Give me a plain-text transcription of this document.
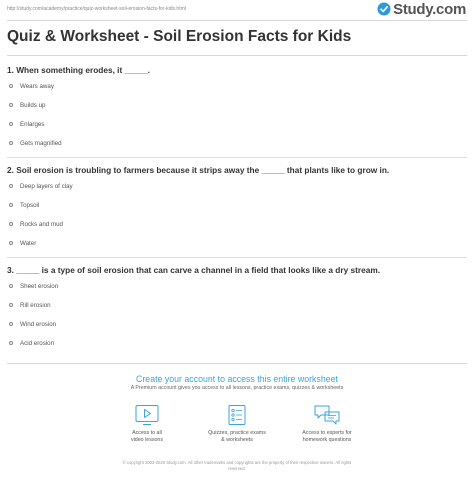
http://study.com/academy/practice/quiz-worksheet-soil-erosion-facts-for-kids.html	Study.com
Quiz & Worksheet - Soil Erosion Facts for Kids
1. When something erodes, it _____.
Wears away
Builds up
Enlarges
Gets magnified
2. Soil erosion is troubling to farmers because it strips away the _____ that plants like to grow in.
Deep layers of clay
Topsoil
Rocks and mud
Water
3. _____ is a type of soil erosion that can carve a channel in a field that looks like a dry stream.
Sheet erosion
Rill erosion
Wind erosion
Acid erosion
Create your account to access this entire worksheet
A Premium account gives you access to all lessons, practice exams, quizzes & worksheets
Access to all
video lessons
Quizzes, practice exams
& worksheets
Access to experts for
homework questions
© copyright 2003-2020 Study.com. All other trademarks and copyrights are the property of their respective owners. All rights
reserved.
